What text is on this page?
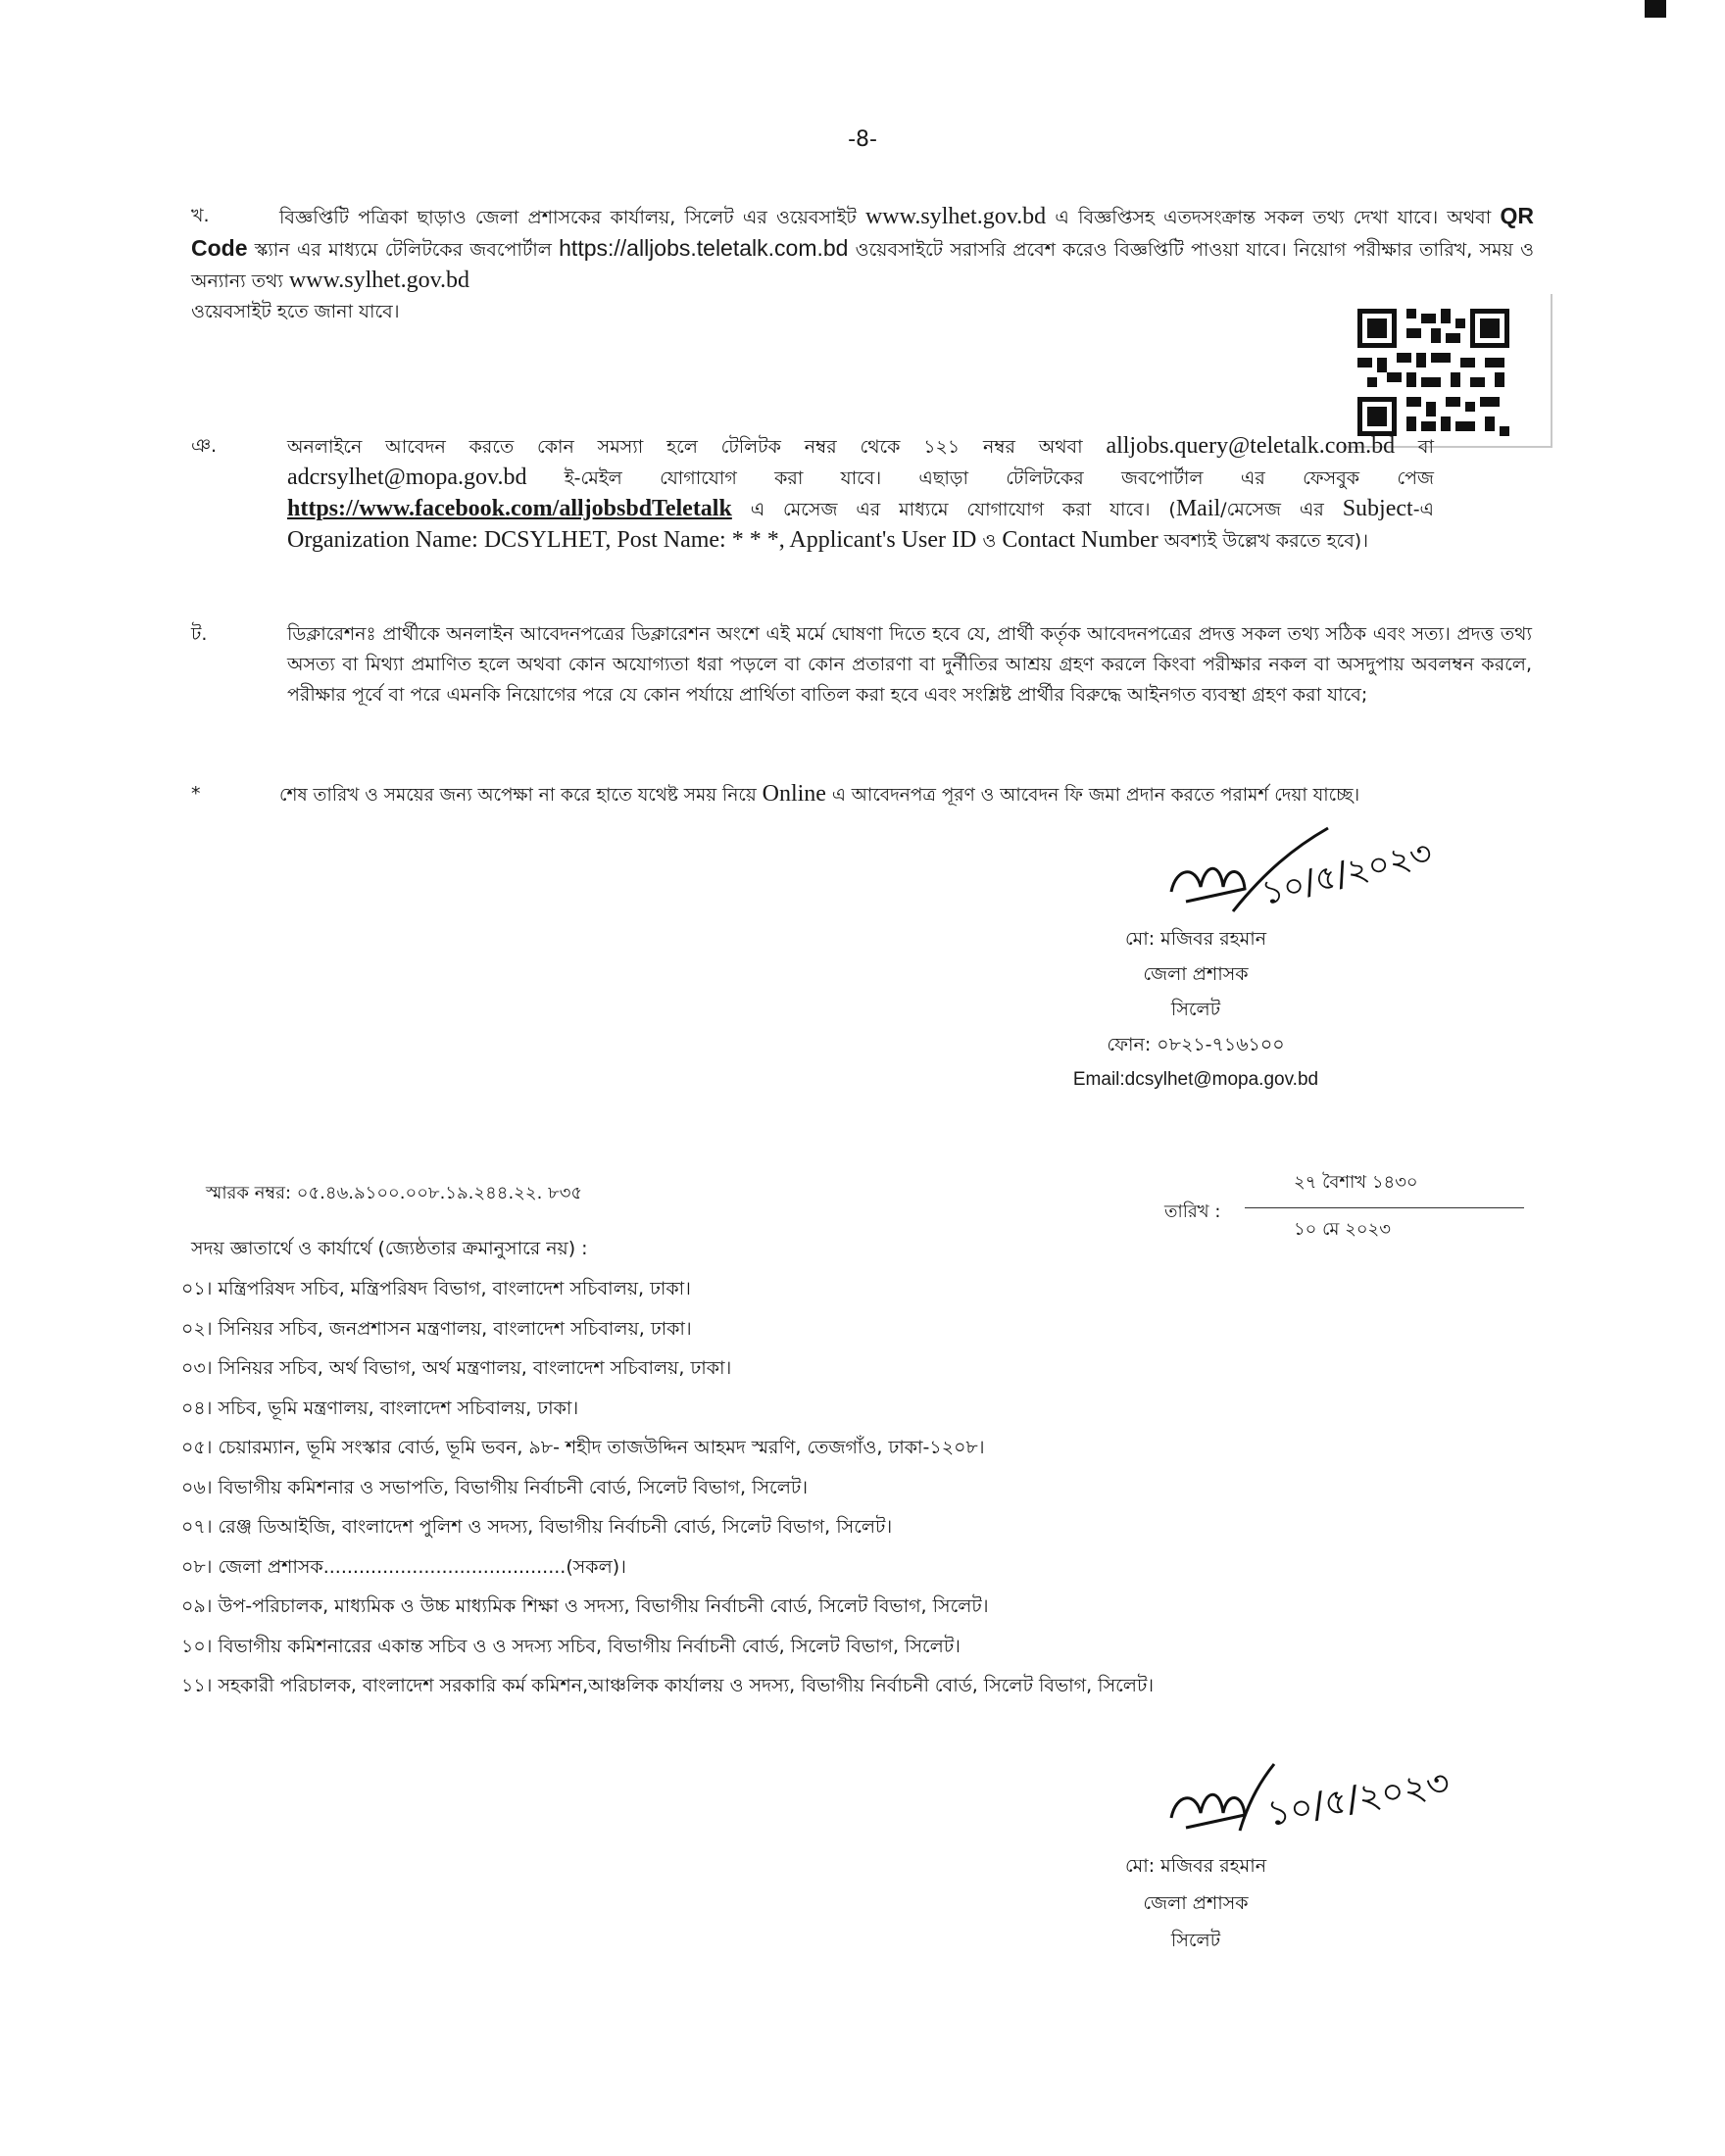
-8-
খ.	বিজ্ঞপ্তিটি পত্রিকা ছাড়াও জেলা প্রশাসকের কার্যালয়, সিলেট এর ওয়েবসাইট www.sylhet.gov.bd এ বিজ্ঞপ্তিসহ এতদসংক্রান্ত সকল তথ্য দেখা যাবে। অথবা QR Code স্ক্যান এর মাধ্যমে টেলিটকের জবপোর্টাল https://alljobs.teletalk.com.bd ওয়েবসাইটে সরাসরি প্রবেশ করেও বিজ্ঞপ্তিটি পাওয়া যাবে। নিয়োগ পরীক্ষার তারিখ, সময় ও অন্যান্য তথ্য www.sylhet.gov.bd
ওয়েবসাইট হতে জানা যাবে।
ঞ.	অনলাইনে আবেদন করতে কোন সমস্যা হলে টেলিটক নম্বর থেকে ১২১ নম্বর অথবা alljobs.query@teletalk.com.bd বা adcrsylhet@mopa.gov.bd ই-মেইল যোগাযোগ করা যাবে। এছাড়া টেলিটকের জবপোর্টাল এর ফেসবুক পেজ https://www.facebook.com/alljobsbdTeletalk এ মেসেজ এর মাধ্যমে যোগাযোগ করা যাবে। (Mail/মেসেজ এর Subject-এ Organization Name: DCSYLHET, Post Name: * * *, Applicant's User ID ও Contact Number অবশ্যই উল্লেখ করতে হবে)।
ট.	ডিক্লারেশনঃ প্রার্থীকে অনলাইন আবেদনপত্রের ডিক্লারেশন অংশে এই মর্মে ঘোষণা দিতে হবে যে, প্রার্থী কর্তৃক আবেদনপত্রের প্রদত্ত সকল তথ্য সঠিক এবং সত্য। প্রদত্ত তথ্য অসত্য বা মিথ্যা প্রমাণিত হলে অথবা কোন অযোগ্যতা ধরা পড়লে বা কোন প্রতারণা বা দুর্নীতির আশ্রয় গ্রহণ করলে কিংবা পরীক্ষার নকল বা অসদুপায় অবলম্বন করলে, পরীক্ষার পূর্বে বা পরে এমনকি নিয়োগের পরে যে কোন পর্যায়ে প্রার্থিতা বাতিল করা হবে এবং সংশ্লিষ্ট প্রার্থীর বিরুদ্ধে আইনগত ব্যবস্থা গ্রহণ করা যাবে;
*	শেষ তারিখ ও সময়ের জন্য অপেক্ষা না করে হাতে যথেষ্ট সময় নিয়ে Online এ আবেদনপত্র পূরণ ও আবেদন ফি জমা প্রদান করতে পরামর্শ দেয়া যাচ্ছে।
১০/৫/২০২৩
মো: মজিবর রহমান
জেলা প্রশাসক
সিলেট
ফোন: ০৮২১-৭১৬১০০
Email:dcsylhet@mopa.gov.bd
স্মারক নম্বর: ০৫.৪৬.৯১০০.০০৮.১৯.২৪৪.২২. ৮৩৫
তারিখ :
২৭ বৈশাখ ১৪৩০
১০ মে ২০২৩
সদয় জ্ঞাতার্থে ও কার্যার্থে (জ্যেষ্ঠতার ক্রমানুসারে নয়) :
০১। মন্ত্রিপরিষদ সচিব, মন্ত্রিপরিষদ বিভাগ, বাংলাদেশ সচিবালয়, ঢাকা।
০২। সিনিয়র সচিব, জনপ্রশাসন মন্ত্রণালয়, বাংলাদেশ সচিবালয়, ঢাকা।
০৩। সিনিয়র সচিব, অর্থ বিভাগ, অর্থ মন্ত্রণালয়, বাংলাদেশ সচিবালয়, ঢাকা।
০৪। সচিব, ভূমি মন্ত্রণালয়, বাংলাদেশ সচিবালয়, ঢাকা।
০৫। চেয়ারম্যান, ভূমি সংস্কার বোর্ড, ভূমি ভবন, ৯৮- শহীদ তাজউদ্দিন আহমদ স্মরণি, তেজগাঁও, ঢাকা-১২০৮।
০৬। বিভাগীয় কমিশনার ও সভাপতি, বিভাগীয় নির্বাচনী বোর্ড, সিলেট বিভাগ, সিলেট।
০৭। রেঞ্জ ডিআইজি, বাংলাদেশ পুলিশ ও সদস্য, বিভাগীয় নির্বাচনী বোর্ড, সিলেট বিভাগ, সিলেট।
০৮। জেলা প্রশাসক.........................................(সকল)।
০৯। উপ-পরিচালক, মাধ্যমিক ও উচ্চ মাধ্যমিক শিক্ষা ও সদস্য, বিভাগীয় নির্বাচনী বোর্ড, সিলেট বিভাগ, সিলেট।
১০। বিভাগীয় কমিশনারের একান্ত সচিব ও ও সদস্য সচিব, বিভাগীয় নির্বাচনী বোর্ড, সিলেট বিভাগ, সিলেট।
১১। সহকারী পরিচালক, বাংলাদেশ সরকারি কর্ম কমিশন,আঞ্চলিক কার্যালয় ও সদস্য, বিভাগীয় নির্বাচনী বোর্ড, সিলেট বিভাগ, সিলেট।
১০/৫/২০২৩
মো: মজিবর রহমান
জেলা প্রশাসক
সিলেট
